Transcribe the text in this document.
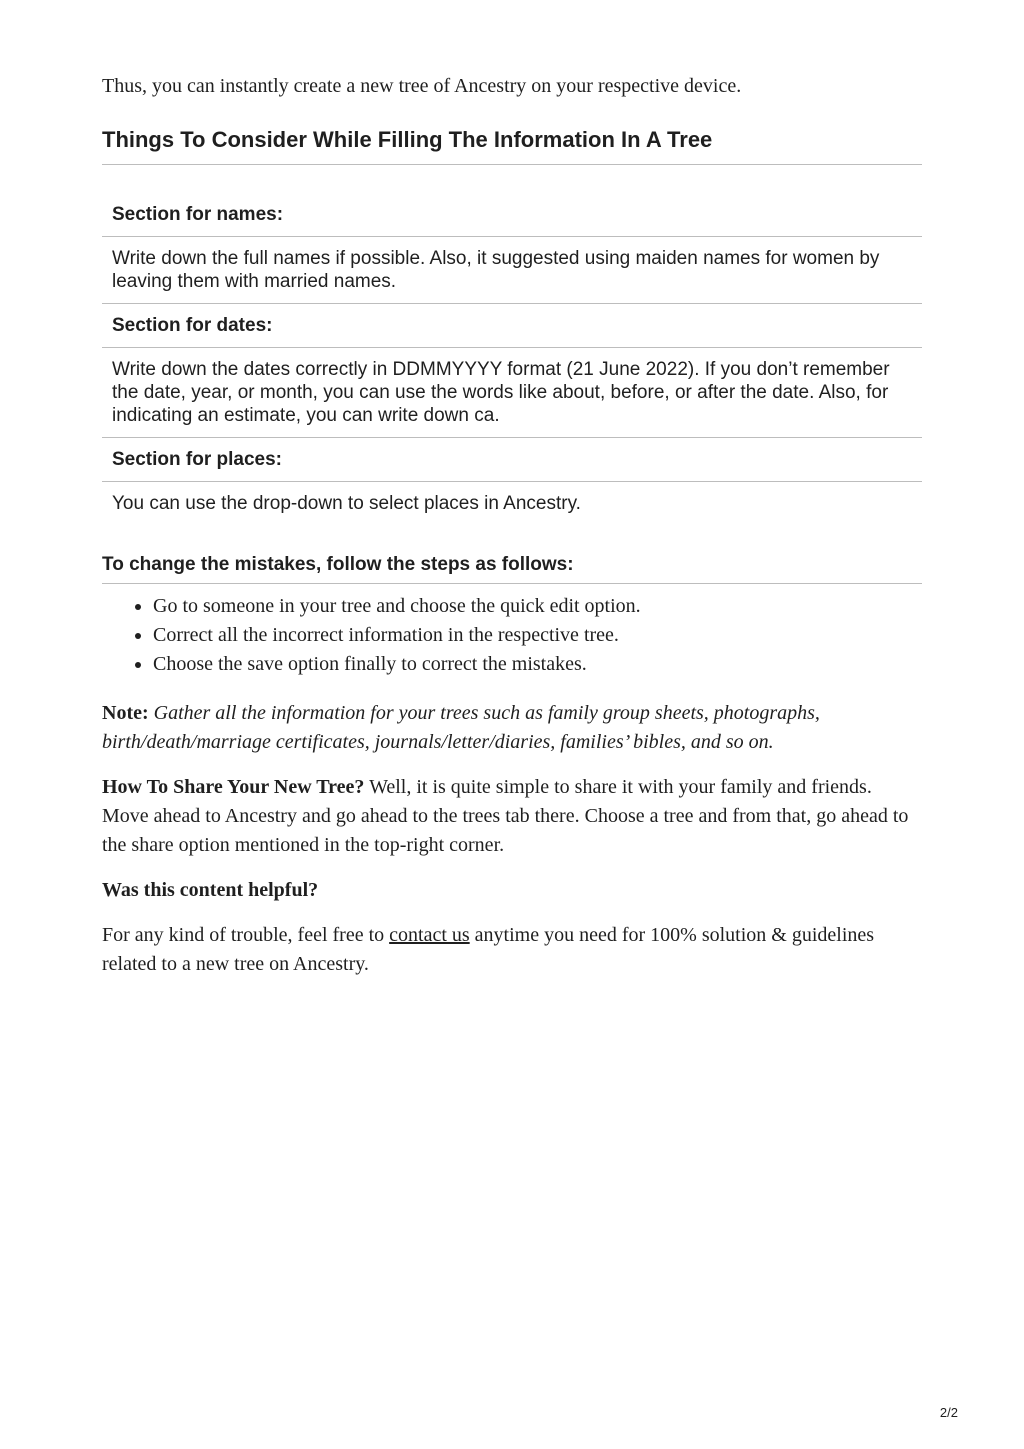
Thus, you can instantly create a new tree of Ancestry on your respective device.

Things To Consider While Filling The Information In A Tree
Section for names:
Write down the full names if possible. Also, it suggested using maiden names for women by leaving them with married names.
Section for dates:
Write down the dates correctly in DDMMYYYY format (21 June 2022). If you don’t remember the date, year, or month, you can use the words like about, before, or after the date. Also, for indicating an estimate, you can write down ca.
Section for places:
You can use the drop-down to select places in Ancestry.
To change the mistakes, follow the steps as follows:
• Go to someone in your tree and choose the quick edit option.
• Correct all the incorrect information in the respective tree.
• Choose the save option finally to correct the mistakes.

Note: Gather all the information for your trees such as family group sheets, photographs, birth/death/marriage certificates, journals/letter/diaries, families’ bibles, and so on.

How To Share Your New Tree? Well, it is quite simple to share it with your family and friends. Move ahead to Ancestry and go ahead to the trees tab there. Choose a tree and from that, go ahead to the share option mentioned in the top-right corner.

Was this content helpful?

For any kind of trouble, feel free to contact us anytime you need for 100% solution & guidelines related to a new tree on Ancestry.

2/2
